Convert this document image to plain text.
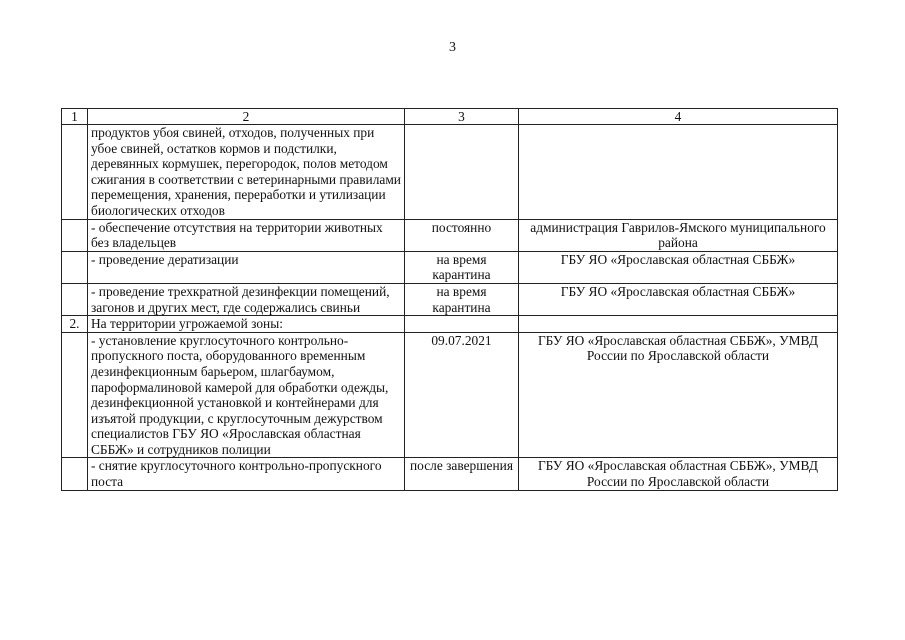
3
1	2	3	4
	продуктов убоя свиней, отходов, полученных при убое свиней, остатков кормов и подстилки, деревянных кормушек, перегородок, полов методом сжигания в соответствии с ветеринарными правилами перемещения, хранения, переработки и утилизации биологических отходов		
	- обеспечение отсутствия на территории животных без владельцев	постоянно	администрация Гаврилов-Ямского муниципального района
	- проведение дератизации	на время карантина	ГБУ ЯО «Ярославская областная СББЖ»
	- проведение трехкратной дезинфекции помещений, загонов и других мест, где содержались свиньи	на время карантина	ГБУ ЯО «Ярославская областная СББЖ»
2.	На территории угрожаемой зоны:		
	- установление круглосуточного контрольно-пропускного поста, оборудованного временным дезинфекционным барьером, шлагбаумом, пароформалиновой камерой для обработки одежды, дезинфекционной установкой и контейнерами для изъятой продукции, с круглосуточным дежурством специалистов ГБУ ЯО «Ярославская областная СББЖ» и сотрудников полиции	09.07.2021	ГБУ ЯО «Ярославская областная СББЖ», УМВД России по Ярославской области
	- снятие круглосуточного контрольно-пропускного поста	после завершения	ГБУ ЯО «Ярославская областная СББЖ», УМВД России по Ярославской области
